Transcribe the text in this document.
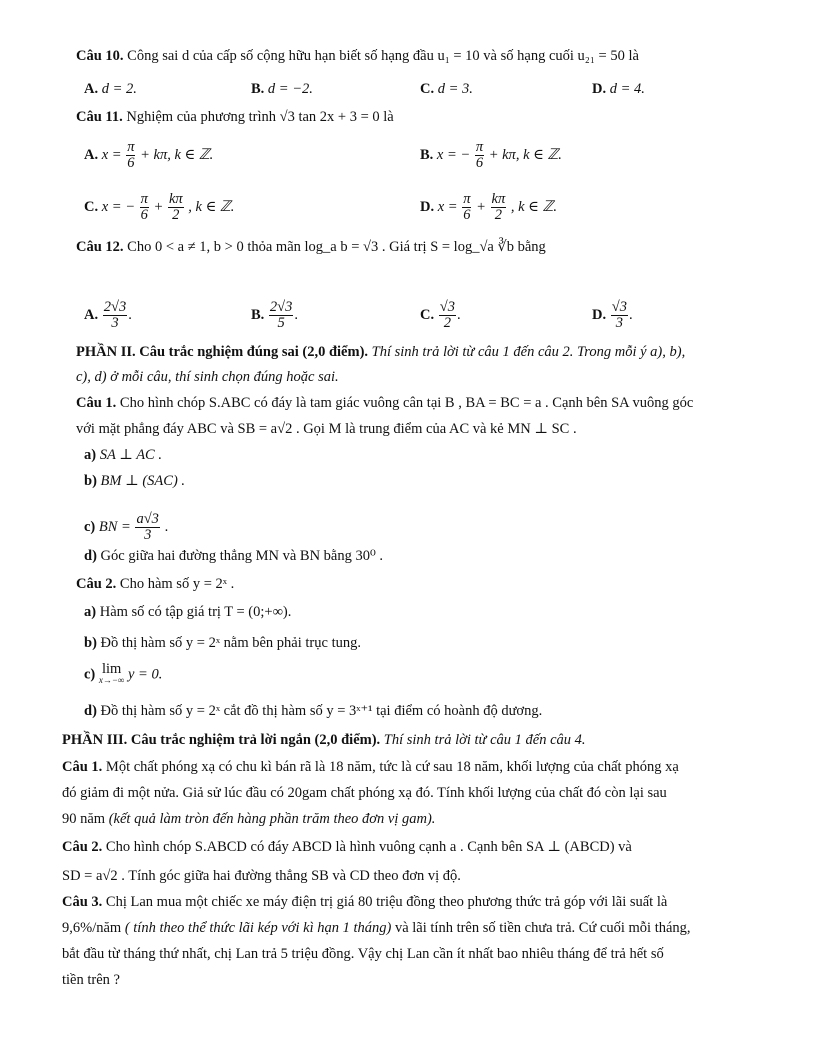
Câu 10. Công sai d của cấp số cộng hữu hạn biết số hạng đầu u₁ = 10 và số hạng cuối u₂₁ = 50 là
A. d = 2.	B. d = −2.	C. d = 3.	D. d = 4.
Câu 11. Nghiệm của phương trình √3 tan 2x + 3 = 0 là
A. $x = \frac{\pi}{6} + k\pi$, k ∈ ℤ.	B. x = − $\frac{\pi}{6} + k\pi$, k ∈ ℤ.
C. x = − $\frac{\pi}{6} + \frac{k\pi}{2}$ , k ∈ ℤ.	D. $x = \frac{\pi}{6} + \frac{k\pi}{2}$ , k ∈ ℤ.
Câu 12. Cho 0 < a ≠ 1, b > 0 thỏa mãn log_a b = √3 . Giá trị S = log_√a ∛b bằng
A. $\frac{2√3}{3}$ .	B. $\frac{2√3}{5}$ .	C. $\frac{√3}{2}$ .	D. $\frac{√3}{3}$ .
PHẦN II. Câu trắc nghiệm đúng sai (2,0 điểm). Thí sinh trả lời từ câu 1 đến câu 2. Trong mỗi ý a), b),
c), d) ở mỗi câu, thí sinh chọn đúng hoặc sai.
Câu 1. Cho hình chóp S.ABC có đáy là tam giác vuông cân tại B , BA = BC = a . Cạnh bên SA vuông góc
với mặt phẳng đáy ABC và SB = a√2 . Gọi M là trung điểm của AC và kẻ MN ⊥ SC .
a) SA ⊥ AC .
b) BM ⊥ (SAC) .
c) BN = $\frac{a√3}{3}$ .
d) Góc giữa hai đường thẳng MN và BN bằng 30⁰ .
Câu 2. Cho hàm số y = 2ˣ .
a) Hàm số có tập giá trị T = (0;+∞).
b) Đồ thị hàm số y = 2ˣ nằm bên phải trục tung.
c) lim
x→−∞ y = 0.
d) Đồ thị hàm số y = 2ˣ cắt đồ thị hàm số y = 3ˣ⁺¹ tại điểm có hoành độ dương.
PHẦN III. Câu trắc nghiệm trả lời ngắn (2,0 điểm). Thí sinh trả lời từ câu 1 đến câu 4.
Câu 1. Một chất phóng xạ có chu kì bán rã là 18 năm, tức là cứ sau 18 năm, khối lượng của chất phóng xạ
đó giảm đi một nửa. Giả sử lúc đầu có 20gam chất phóng xạ đó. Tính khối lượng của chất đó còn lại sau
90 năm (kết quả làm tròn đến hàng phần trăm theo đơn vị gam).
Câu 2. Cho hình chóp S.ABCD có đáy ABCD là hình vuông cạnh a . Cạnh bên SA ⊥ (ABCD) và
SD = a√2 . Tính góc giữa hai đường thẳng SB và CD theo đơn vị độ.
Câu 3. Chị Lan mua một chiếc xe máy điện trị giá 80 triệu đồng theo phương thức trả góp với lãi suất là
9,6%/năm ( tính theo thể thức lãi kép với kì hạn 1 tháng) và lãi tính trên số tiền chưa trả. Cứ cuối mỗi tháng,
bắt đầu từ tháng thứ nhất, chị Lan trả 5 triệu đồng. Vậy chị Lan cần ít nhất bao nhiêu tháng để trả hết số
tiền trên ?
